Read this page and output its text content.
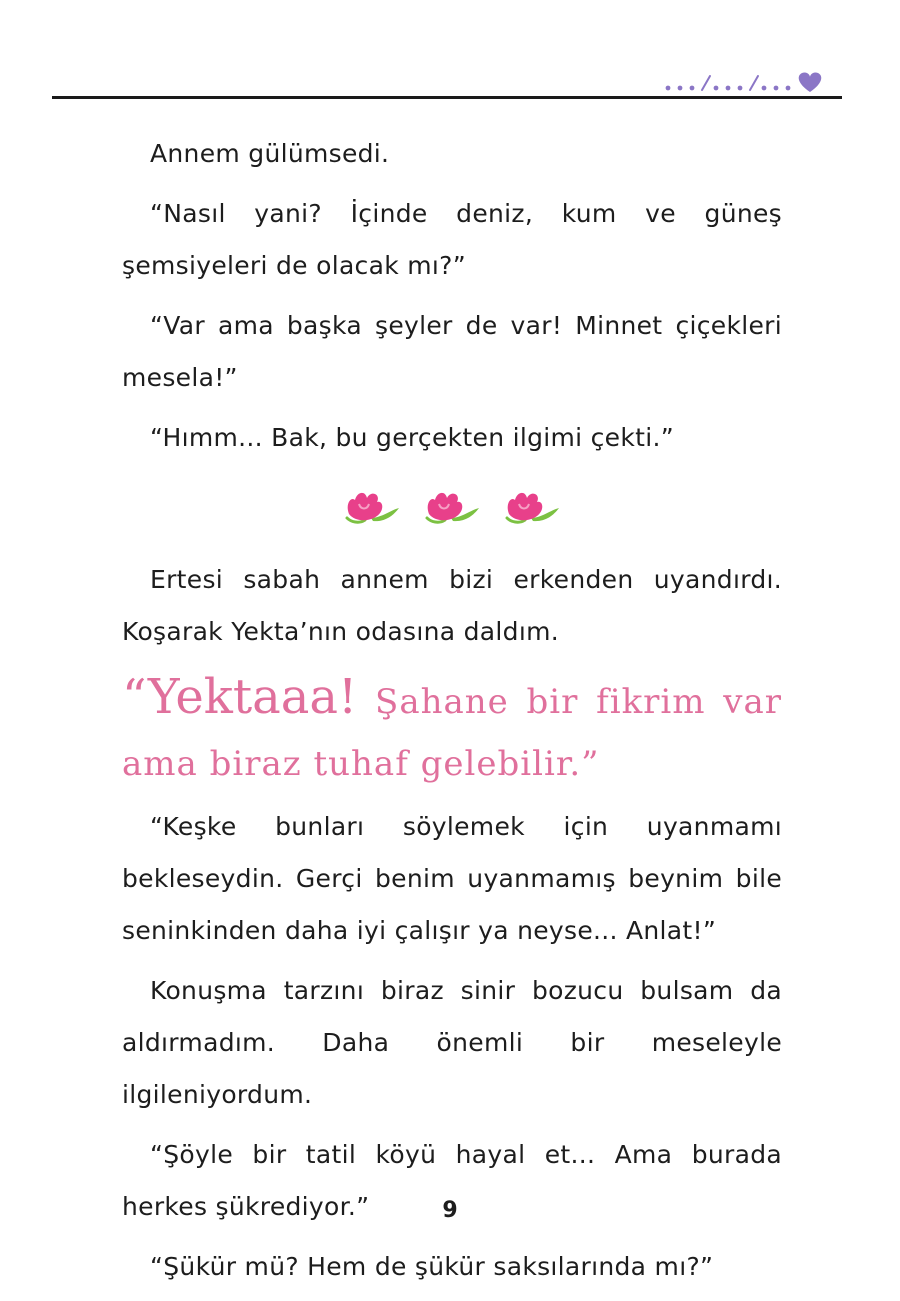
Annem gülümsedi.

“Nasıl yani? İçinde deniz, kum ve güneş şemsiyeleri de olacak mı?”

“Var ama başka şeyler de var! Minnet çiçekleri mesela!”

“Hımm... Bak, bu gerçekten ilgimi çekti.”

Ertesi sabah annem bizi erkenden uyandırdı. Koşarak Yekta’nın odasına daldım.

“Yektaaa! Şahane bir fikrim var ama biraz tuhaf gelebilir.”

“Keşke bunları söylemek için uyanmamı bekleseydin. Gerçi benim uyanmamış beynim bile seninkinden daha iyi çalışır ya neyse... Anlat!”

Konuşma tarzını biraz sinir bozucu bulsam da aldırmadım. Daha önemli bir meseleyle ilgileniyordum.

“Şöyle bir tatil köyü hayal et... Ama burada herkes şükrediyor.”

“Şükür mü? Hem de şükür saksılarında mı?”

9
